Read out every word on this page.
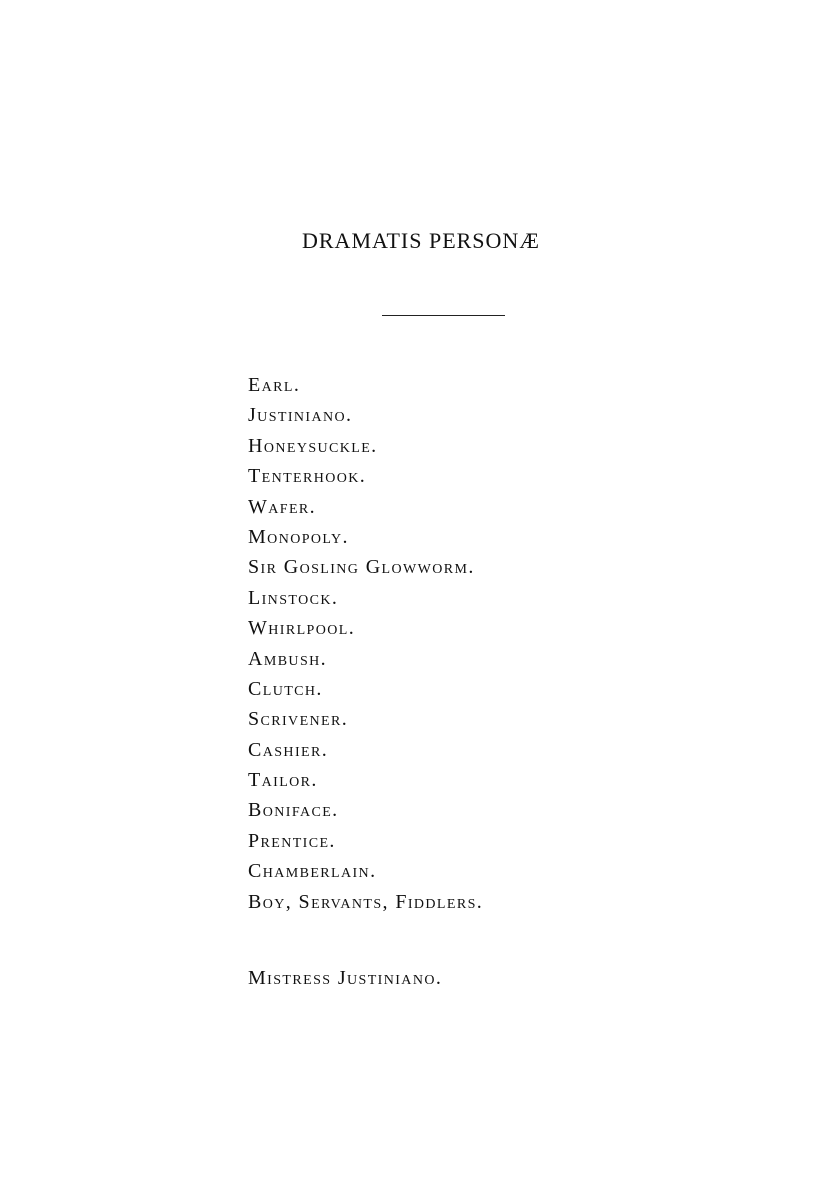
DRAMATIS PERSONÆ
Earl.
Justiniano.
Honeysuckle.
Tenterhook.
Wafer.
Monopoly.
Sir Gosling Glowworm.
Linstock.
Whirlpool.
Ambush.
Clutch.
Scrivener.
Cashier.
Tailor.
Boniface.
Prentice.
Chamberlain.
Boy, Servants, Fiddlers.
Mistress Justiniano.
